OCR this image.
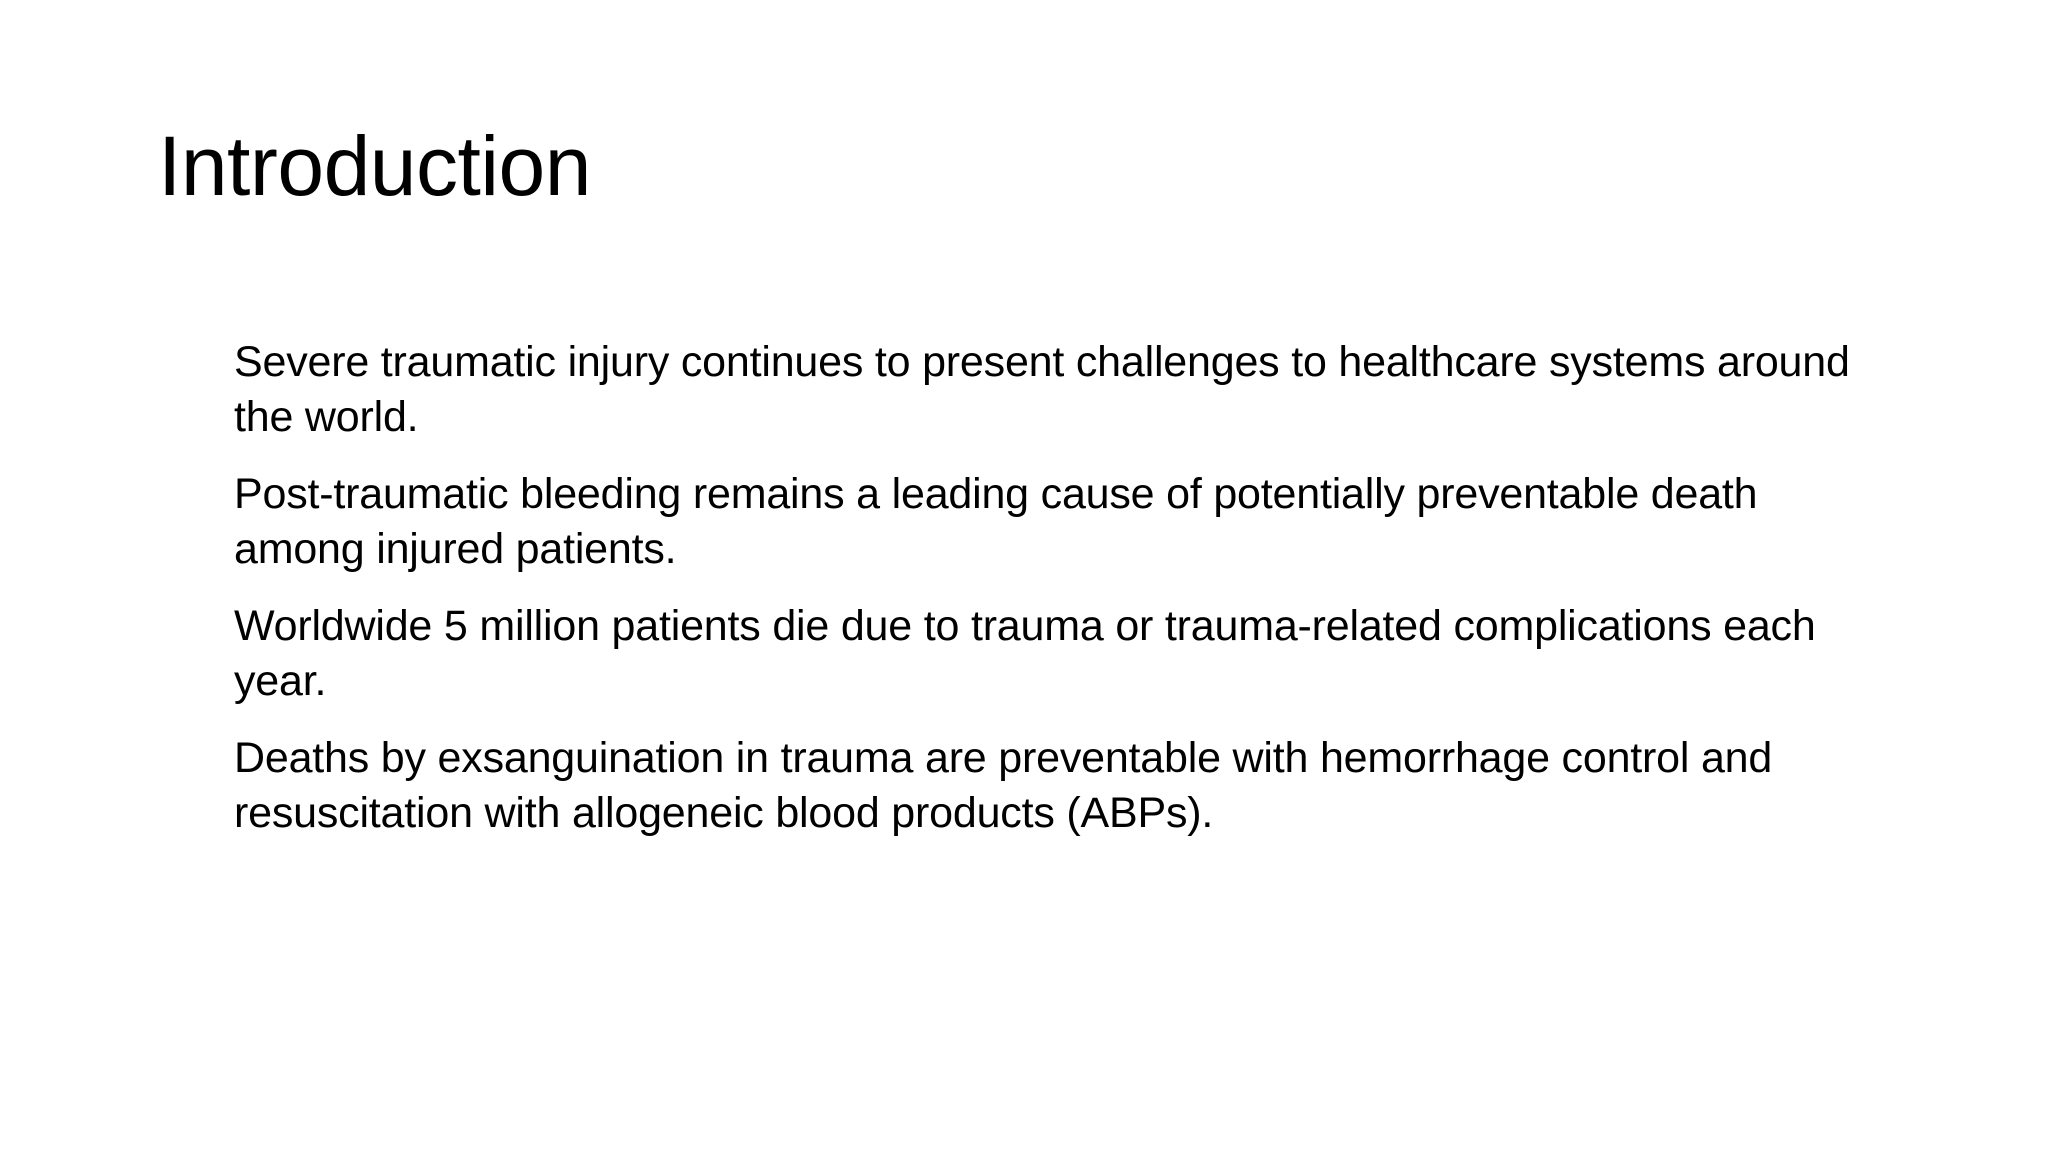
Introduction
Severe traumatic injury continues to present challenges to healthcare systems around the world.
Post-traumatic bleeding remains a leading cause of potentially preventable death among injured patients.
Worldwide 5 million patients die due to trauma or trauma-related complications each year.
Deaths by exsanguination in trauma are preventable with hemorrhage control and resuscitation with allogeneic blood products (ABPs).
